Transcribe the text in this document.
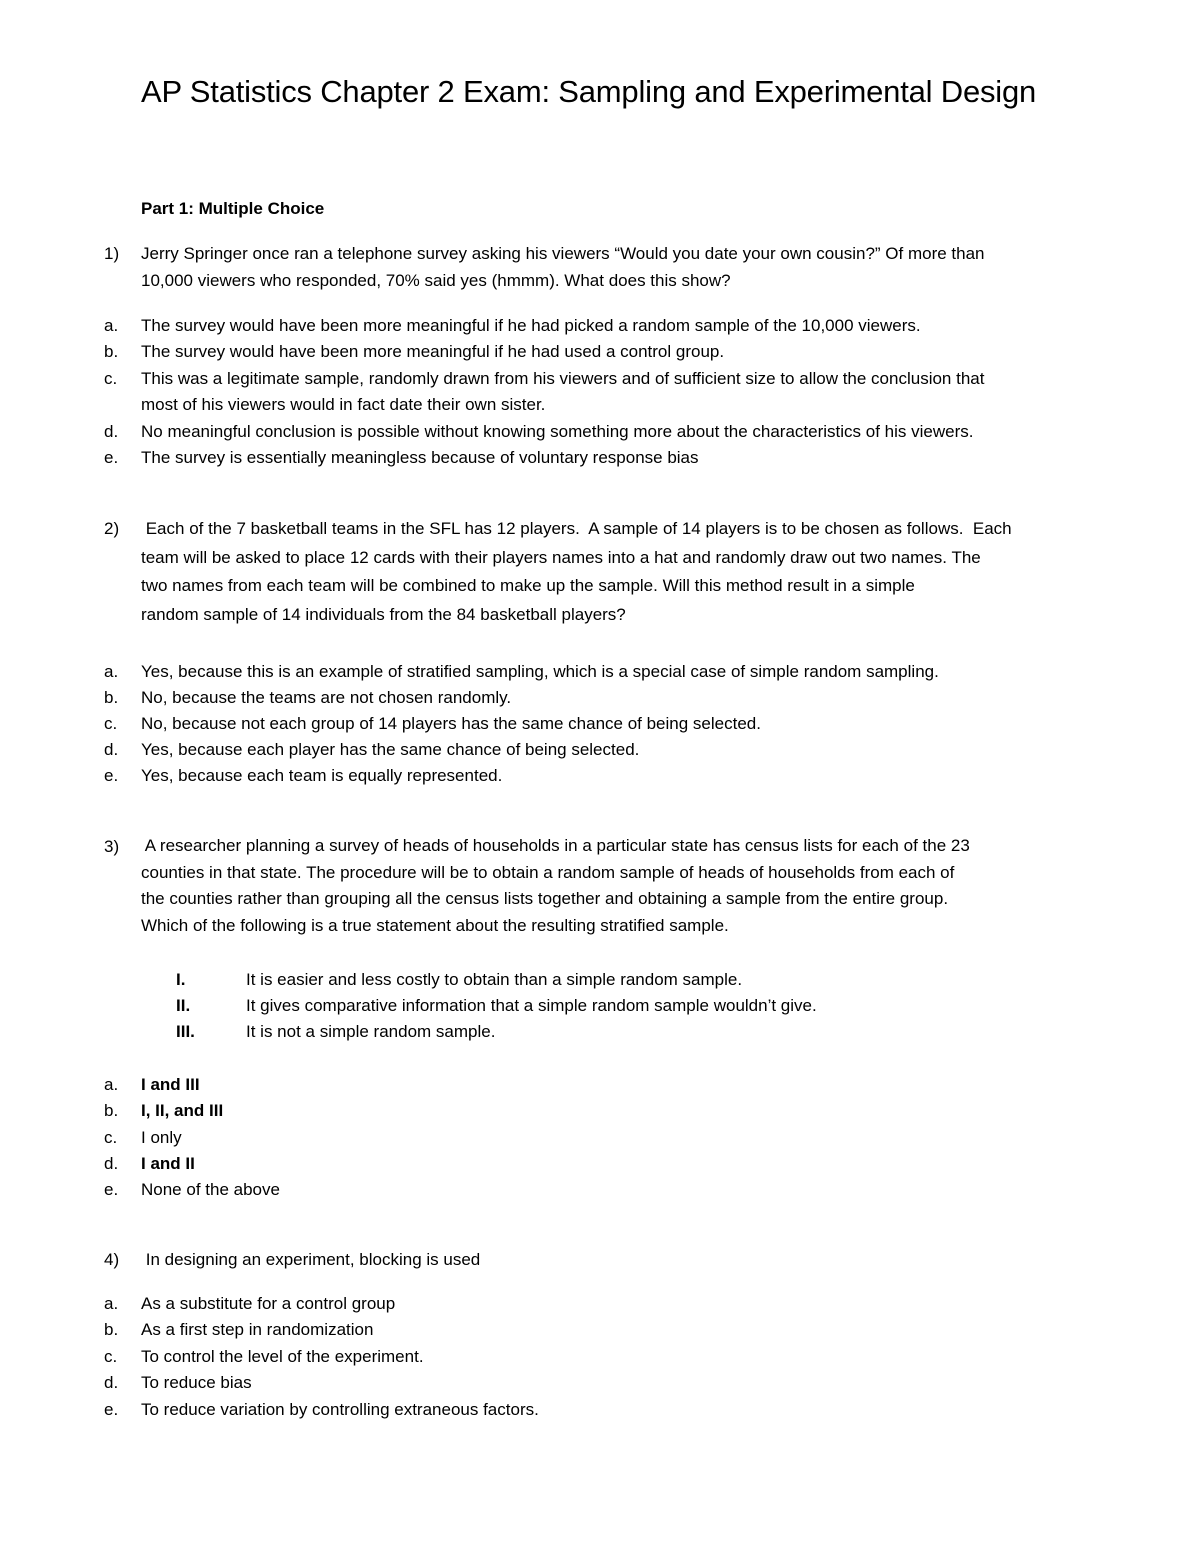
AP Statistics Chapter 2 Exam: Sampling and Experimental Design
Part 1: Multiple Choice
1) Jerry Springer once ran a telephone survey asking his viewers “Would you date your own cousin?” Of more than
10,000 viewers who responded, 70% said yes (hmmm). What does this show?
a. The survey would have been more meaningful if he had picked a random sample of the 10,000 viewers.
b. The survey would have been more meaningful if he had used a control group.
c. This was a legitimate sample, randomly drawn from his viewers and of sufficient size to allow the conclusion that
most of his viewers would in fact date their own sister.
d. No meaningful conclusion is possible without knowing something more about the characteristics of his viewers.
e. The survey is essentially meaningless because of voluntary response bias
2) Each of the 7 basketball teams in the SFL has 12 players.  A sample of 14 players is to be chosen as follows.  Each
team will be asked to place 12 cards with their players names into a hat and randomly draw out two names. The
two names from each team will be combined to make up the sample. Will this method result in a simple
random sample of 14 individuals from the 84 basketball players?
a. Yes, because this is an example of stratified sampling, which is a special case of simple random sampling.
b. No, because the teams are not chosen randomly.
c. No, because not each group of 14 players has the same chance of being selected.
d. Yes, because each player has the same chance of being selected.
e. Yes, because each team is equally represented.
3) A researcher planning a survey of heads of households in a particular state has census lists for each of the 23
counties in that state. The procedure will be to obtain a random sample of heads of households from each of
the counties rather than grouping all the census lists together and obtaining a sample from the entire group.
Which of the following is a true statement about the resulting stratified sample.
I.	It is easier and less costly to obtain than a simple random sample.
II.	It gives comparative information that a simple random sample wouldn’t give.
III.	It is not a simple random sample.
a. I and III
b. I, II, and III
c. I only
d. I and II
e. None of the above
4) In designing an experiment, blocking is used
a. As a substitute for a control group
b. As a first step in randomization
c. To control the level of the experiment.
d. To reduce bias
e. To reduce variation by controlling extraneous factors.
